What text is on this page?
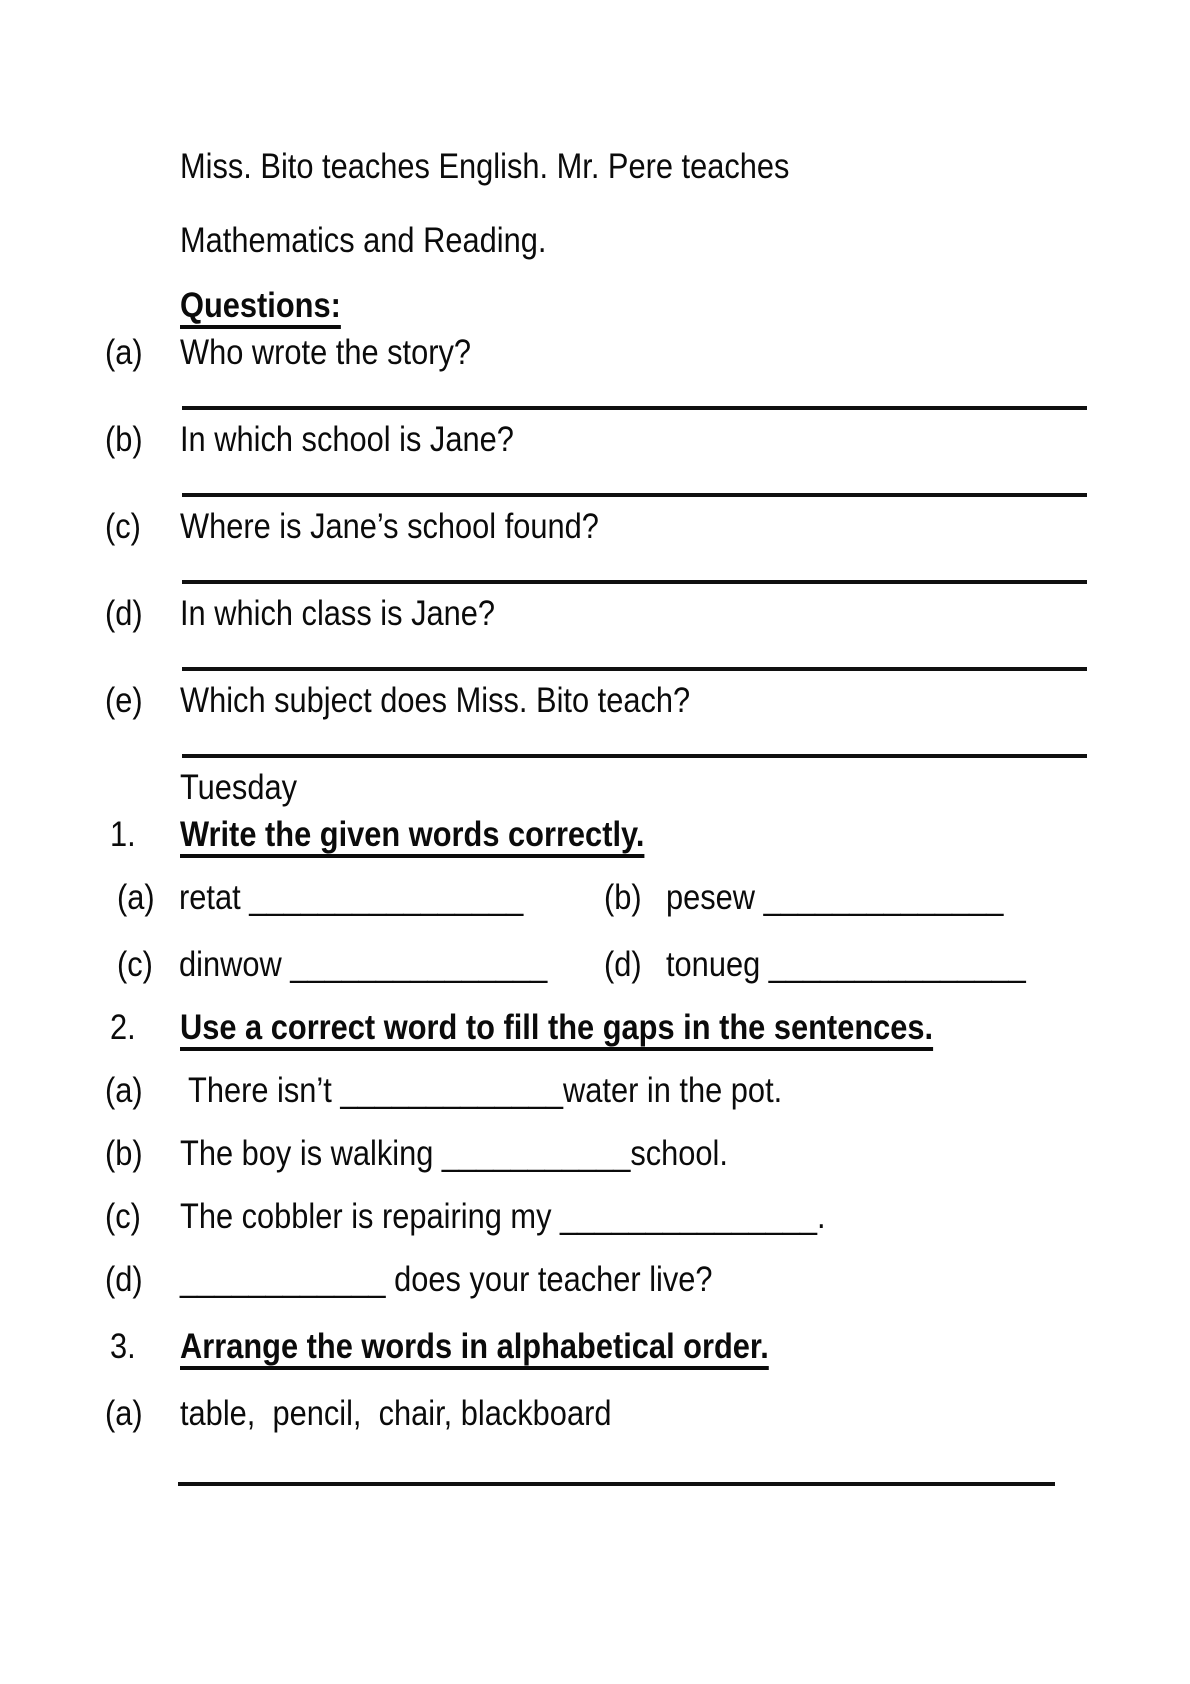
Miss. Bito teaches English. Mr. Pere teaches
Mathematics and Reading.
Questions:
(a)	Who wrote the story?
(b)	In which school is Jane?
(c)	Where is Jane’s school found?
(d)	In which class is Jane?
(e)	Which subject does Miss. Bito teach?
Tuesday
1.	Write the given words correctly.
(a) retat ________________ (b) pesew ______________
(c) dinwow _______________ (d) tonueg _______________
2.	Use a correct word to fill the gaps in the sentences.
(a)	There isn’t _____________water in the pot.
(b)	The boy is walking ___________school.
(c)	The cobbler is repairing my _______________.
(d)	____________ does your teacher live?
3.	Arrange the words in alphabetical order.
(a)	table,  pencil,  chair, blackboard
